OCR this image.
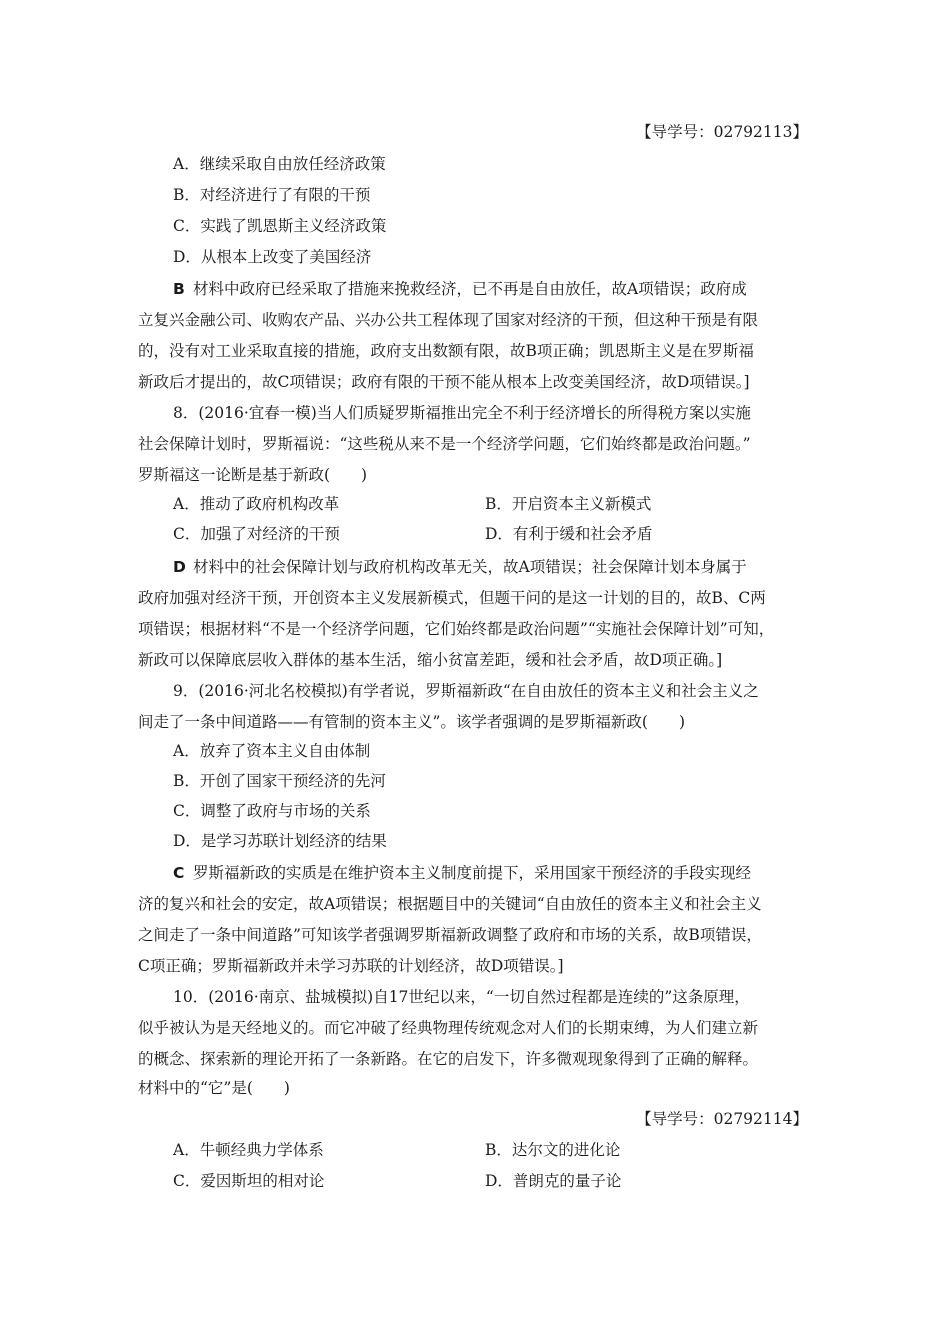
【导学号：02792113】
A．继续采取自由放任经济政策
B．对经济进行了有限的干预
C．实践了凯恩斯主义经济政策
D．从根本上改变了美国经济
B 材料中政府已经采取了措施来挽救经济，已不再是自由放任，故A项错误；政府成
立复兴金融公司、收购农产品、兴办公共工程体现了国家对经济的干预，但这种干预是有限
的，没有对工业采取直接的措施，政府支出数额有限，故B项正确；凯恩斯主义是在罗斯福
新政后才提出的，故C项错误；政府有限的干预不能从根本上改变美国经济，故D项错误。]
8．(2016·宜春一模)当人们质疑罗斯福推出完全不利于经济增长的所得税方案以实施
社会保障计划时，罗斯福说：“这些税从来不是一个经济学问题，它们始终都是政治问题。”
罗斯福这一论断是基于新政(　　)
A．推动了政府机构改革	B．开启资本主义新模式
C．加强了对经济的干预	D．有利于缓和社会矛盾
D 材料中的社会保障计划与政府机构改革无关，故A项错误；社会保障计划本身属于
政府加强对经济干预，开创资本主义发展新模式，但题干问的是这一计划的目的，故B、C两
项错误；根据材料“不是一个经济学问题，它们始终都是政治问题”“实施社会保障计划”可知，
新政可以保障底层收入群体的基本生活，缩小贫富差距，缓和社会矛盾，故D项正确。]
9．(2016·河北名校模拟)有学者说，罗斯福新政“在自由放任的资本主义和社会主义之
间走了一条中间道路——有管制的资本主义”。该学者强调的是罗斯福新政(　　)
A．放弃了资本主义自由体制
B．开创了国家干预经济的先河
C．调整了政府与市场的关系
D．是学习苏联计划经济的结果
C 罗斯福新政的实质是在维护资本主义制度前提下，采用国家干预经济的手段实现经
济的复兴和社会的安定，故A项错误；根据题目中的关键词“自由放任的资本主义和社会主义
之间走了一条中间道路”可知该学者强调罗斯福新政调整了政府和市场的关系，故B项错误，
C项正确；罗斯福新政并未学习苏联的计划经济，故D项错误。]
10．(2016·南京、盐城模拟)自17世纪以来，“一切自然过程都是连续的”这条原理，
似乎被认为是天经地义的。而它冲破了经典物理传统观念对人们的长期束缚，为人们建立新
的概念、探索新的理论开拓了一条新路。在它的启发下，许多微观现象得到了正确的解释。
材料中的“它”是(　　)
【导学号：02792114】
A．牛顿经典力学体系	B．达尔文的进化论
C．爱因斯坦的相对论	D．普朗克的量子论
